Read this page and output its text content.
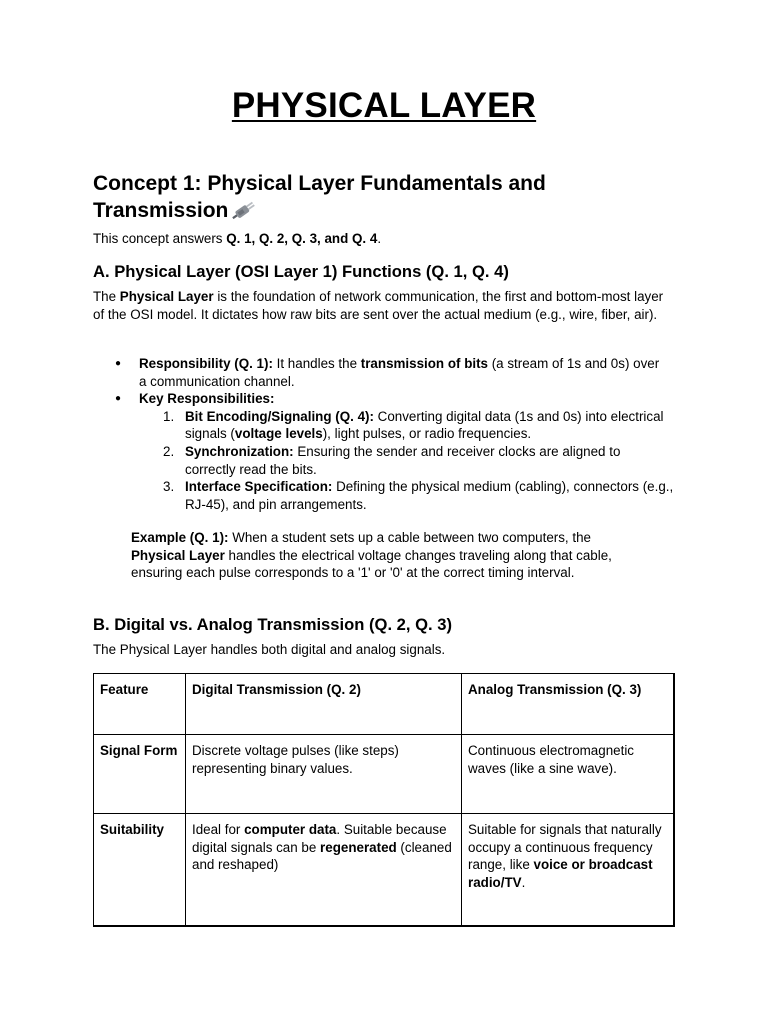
PHYSICAL LAYER
Concept 1: Physical Layer Fundamentals and Transmission

This concept answers Q. 1, Q. 2, Q. 3, and Q. 4.

A. Physical Layer (OSI Layer 1) Functions (Q. 1, Q. 4)

The Physical Layer is the foundation of network communication, the first and bottom-most layer of the OSI model. It dictates how raw bits are sent over the actual medium (e.g., wire, fiber, air).

● Responsibility (Q. 1): It handles the transmission of bits (a stream of 1s and 0s) over a communication channel.
● Key Responsibilities:
1. Bit Encoding/Signaling (Q. 4): Converting digital data (1s and 0s) into electrical signals (voltage levels), light pulses, or radio frequencies.
2. Synchronization: Ensuring the sender and receiver clocks are aligned to correctly read the bits.
3. Interface Specification: Defining the physical medium (cabling), connectors (e.g., RJ-45), and pin arrangements.

Example (Q. 1): When a student sets up a cable between two computers, the Physical Layer handles the electrical voltage changes traveling along that cable, ensuring each pulse corresponds to a '1' or '0' at the correct timing interval.

B. Digital vs. Analog Transmission (Q. 2, Q. 3)

The Physical Layer handles both digital and analog signals.

Feature	Digital Transmission (Q. 2)	Analog Transmission (Q. 3)
Signal Form	Discrete voltage pulses (like steps) representing binary values.	Continuous electromagnetic waves (like a sine wave).
Suitability	Ideal for computer data. Suitable because digital signals can be regenerated (cleaned and reshaped)	Suitable for signals that naturally occupy a continuous frequency range, like voice or broadcast radio/TV.
